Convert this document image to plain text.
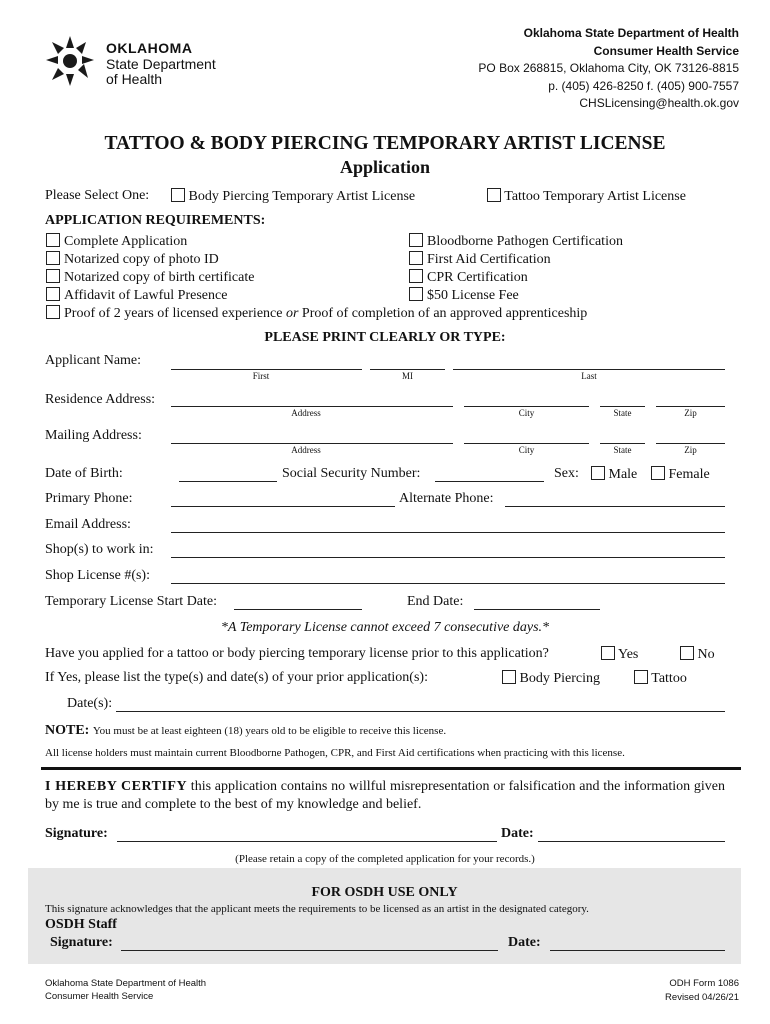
OKLAHOMA
State Department
of Health
Oklahoma State Department of Health
Consumer Health Service
PO Box 268815, Oklahoma City, OK 73126-8815
p. (405) 426-8250 f. (405) 900-7557
CHSLicensing@health.ok.gov
TATTOO & BODY PIERCING TEMPORARY ARTIST LICENSE
Application
Please Select One:	Body Piercing Temporary Artist License	Tattoo Temporary Artist License
APPLICATION REQUIREMENTS:
Complete Application
Notarized copy of photo ID
Notarized copy of birth certificate
Affidavit of Lawful Presence
Bloodborne Pathogen Certification
First Aid Certification
CPR Certification
$50 License Fee
Proof of 2 years of licensed experience or Proof of completion of an approved apprenticeship
PLEASE PRINT CLEARLY OR TYPE:
Applicant Name:
First	MI	Last
Residence Address:
Address	City	State	Zip
Mailing Address:
Address	City	State	Zip
Date of Birth:	Social Security Number:	Sex:	Male	Female
Primary Phone:	Alternate Phone:
Email Address:
Shop(s) to work in:
Shop License #(s):
Temporary License Start Date:	End Date:
*A Temporary License cannot exceed 7 consecutive days.*
Have you applied for a tattoo or body piercing temporary license prior to this application?	Yes	No
If Yes, please list the type(s) and date(s) of your prior application(s):	Body Piercing	Tattoo
Date(s):
NOTE: You must be at least eighteen (18) years old to be eligible to receive this license.
All license holders must maintain current Bloodborne Pathogen, CPR, and First Aid certifications when practicing with this license.
I HEREBY CERTIFY this application contains no willful misrepresentation or falsification and the information given by me is true and complete to the best of my knowledge and belief.
Signature:	Date:
(Please retain a copy of the completed application for your records.)
FOR OSDH USE ONLY
This signature acknowledges that the applicant meets the requirements to be licensed as an artist in the designated category.
OSDH Staff
Signature:	Date:
Oklahoma State Department of Health
Consumer Health Service
ODH Form 1086
Revised 04/26/21
